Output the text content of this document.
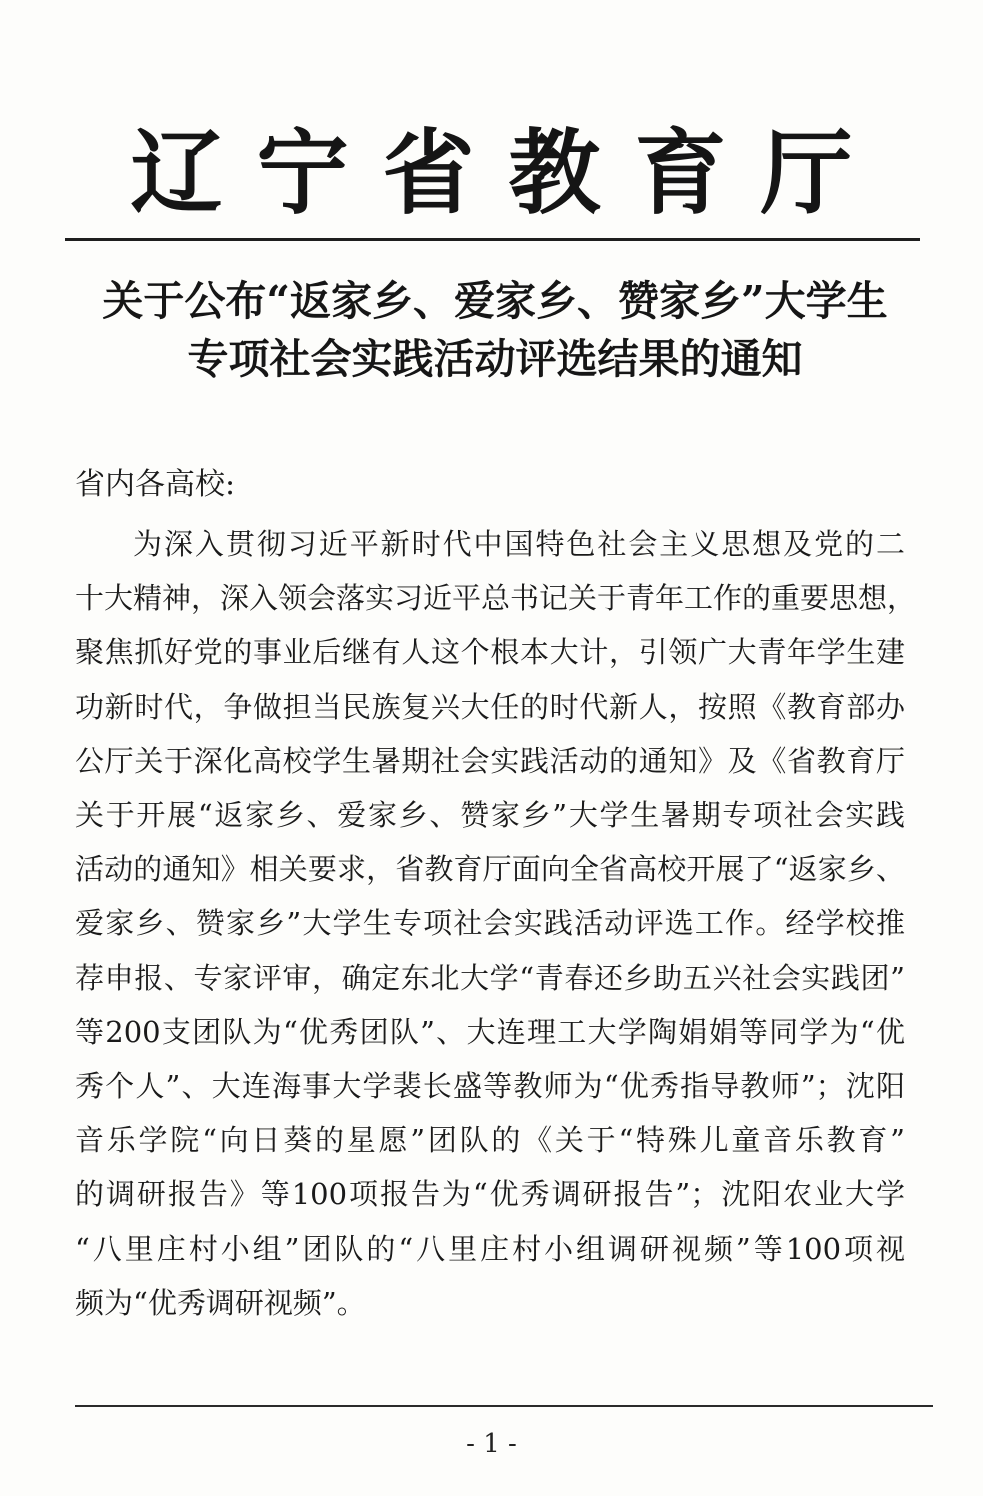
辽宁省教育厅
关于公布“返家乡、爱家乡、赞家乡”大学生
专项社会实践活动评选结果的通知
省内各高校:
为深入贯彻习近平新时代中国特色社会主义思想及党的二
十大精神，深入领会落实习近平总书记关于青年工作的重要思想，
聚焦抓好党的事业后继有人这个根本大计，引领广大青年学生建
功新时代，争做担当民族复兴大任的时代新人，按照《教育部办
公厅关于深化高校学生暑期社会实践活动的通知》及《省教育厅
关于开展“返家乡、爱家乡、赞家乡”大学生暑期专项社会实践
活动的通知》相关要求，省教育厅面向全省高校开展了“返家乡、
爱家乡、赞家乡”大学生专项社会实践活动评选工作。经学校推
荐申报、专家评审，确定东北大学“青春还乡助五兴社会实践团”
等200支团队为“优秀团队”、大连理工大学陶娟娟等同学为“优
秀个人”、大连海事大学裴长盛等教师为“优秀指导教师”；沈阳
音乐学院“向日葵的星愿”团队的《关于“特殊儿童音乐教育”
的调研报告》等100项报告为“优秀调研报告”；沈阳农业大学
“八里庄村小组”团队的“八里庄村小组调研视频”等100项视
频为“优秀调研视频”。
- 1 -
